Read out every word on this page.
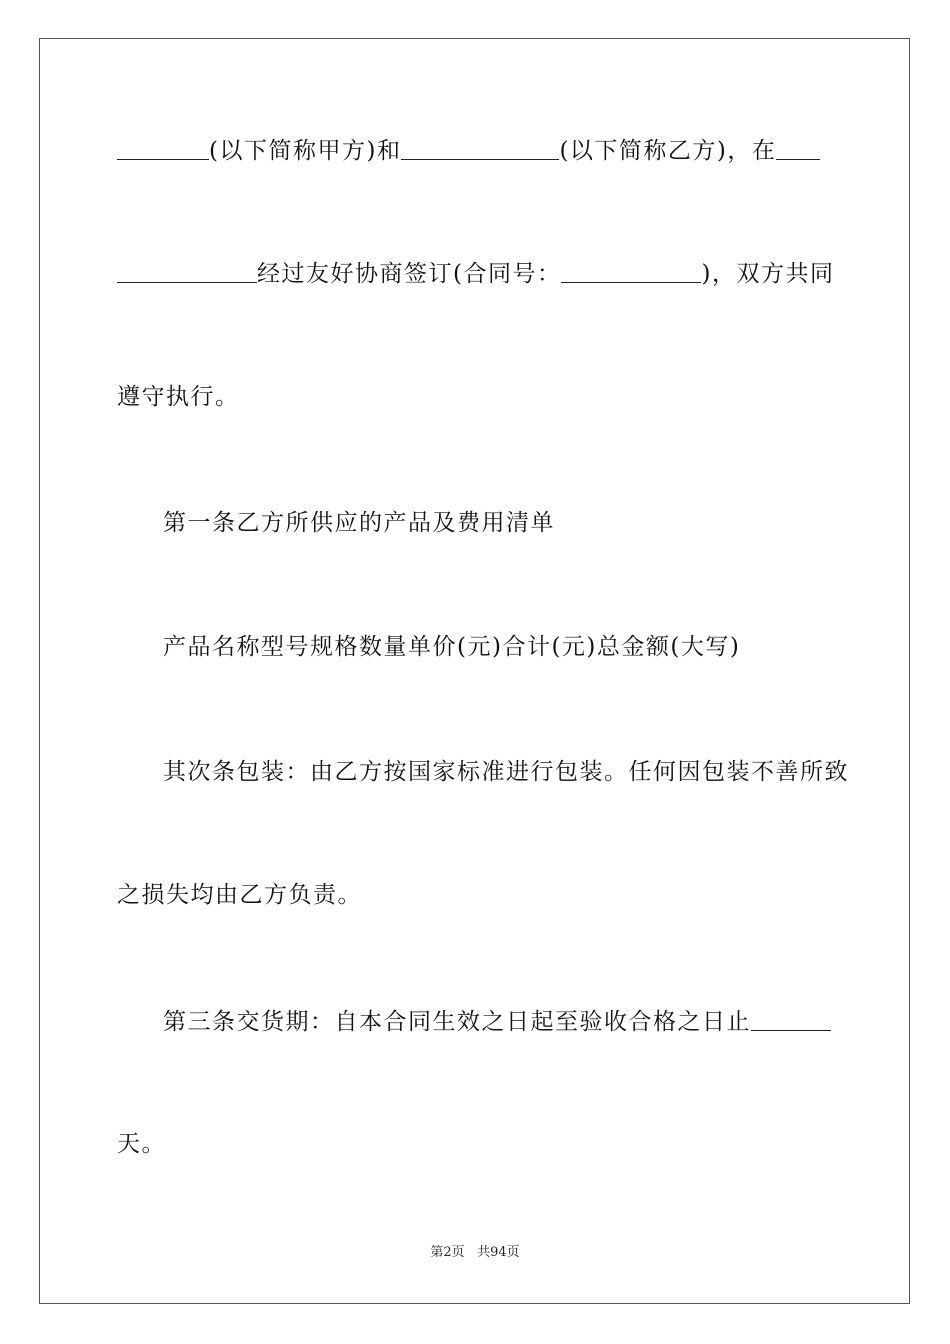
(以下简称甲方)和	(以下简称乙方)，在
经过友好协商签订(合同号：	)，双方共同
遵守执行。
第一条乙方所供应的产品及费用清单
产品名称型号规格数量单价(元)合计(元)总金额(大写)
其次条包装：由乙方按国家标准进行包装。任何因包装不善所致
之损失均由乙方负责。
第三条交货期：自本合同生效之日起至验收合格之日止
天。
第2页 共94页
